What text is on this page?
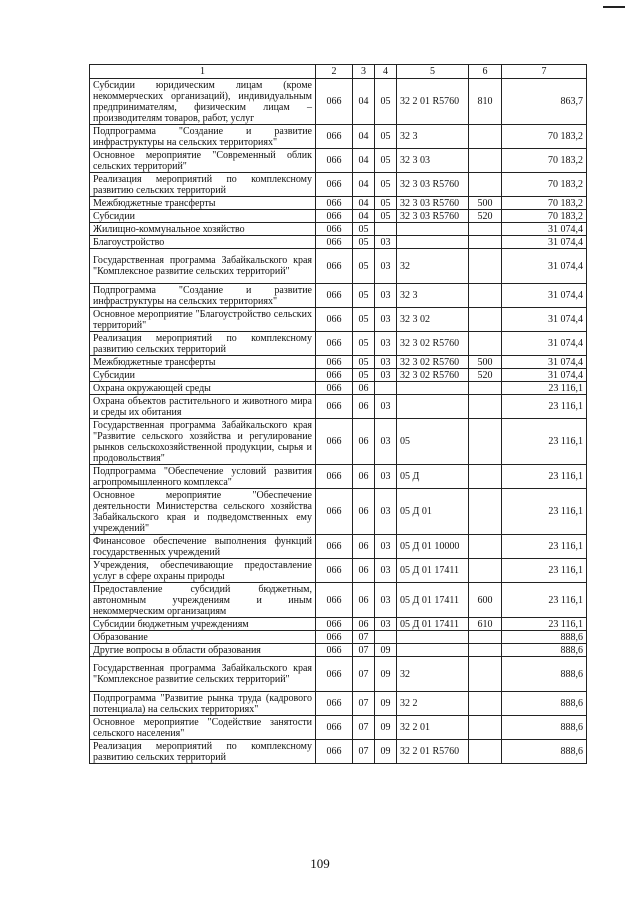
1	2	3	4	5	6	7
Субсидии юридическим лицам (кроме некоммерческих организаций), индивидуальным предпринимателям, физическим лицам – производителям товаров, работ, услуг	066	04	05	32 2 01 R5760	810	863,7
Подпрограмма "Создание и развитие инфраструктуры на сельских территориях"	066	04	05	32 3		70 183,2
Основное мероприятие "Современный облик сельских территорий"	066	04	05	32 3 03		70 183,2
Реализация мероприятий по комплексному развитию сельских территорий	066	04	05	32 3 03 R5760		70 183,2
Межбюджетные трансферты	066	04	05	32 3 03 R5760	500	70 183,2
Субсидии	066	04	05	32 3 03 R5760	520	70 183,2
Жилищно-коммунальное хозяйство	066	05				31 074,4
Благоустройство	066	05	03			31 074,4
Государственная программа Забайкальского края "Комплексное развитие сельских территорий"	066	05	03	32		31 074,4
Подпрограмма "Создание и развитие инфраструктуры на сельских территориях"	066	05	03	32 3		31 074,4
Основное мероприятие "Благоустройство сельских территорий"	066	05	03	32 3 02		31 074,4
Реализация мероприятий по комплексному развитию сельских территорий	066	05	03	32 3 02 R5760		31 074,4
Межбюджетные трансферты	066	05	03	32 3 02 R5760	500	31 074,4
Субсидии	066	05	03	32 3 02 R5760	520	31 074,4
Охрана окружающей среды	066	06				23 116,1
Охрана объектов растительного и животного мира и среды их обитания	066	06	03			23 116,1
Государственная программа Забайкальского края "Развитие сельского хозяйства и регулирование рынков сельскохозяйственной продукции, сырья и продовольствия"	066	06	03	05		23 116,1
Подпрограмма "Обеспечение условий развития агропромышленного комплекса"	066	06	03	05 Д		23 116,1
Основное мероприятие "Обеспечение деятельности Министерства сельского хозяйства Забайкальского края и подведомственных ему учреждений"	066	06	03	05 Д 01		23 116,1
Финансовое обеспечение выполнения функций государственных учреждений	066	06	03	05 Д 01 10000		23 116,1
Учреждения, обеспечивающие предоставление услуг в сфере охраны природы	066	06	03	05 Д 01 17411		23 116,1
Предоставление субсидий бюджетным, автономным учреждениям и иным некоммерческим организациям	066	06	03	05 Д 01 17411	600	23 116,1
Субсидии бюджетным учреждениям	066	06	03	05 Д 01 17411	610	23 116,1
Образование	066	07				888,6
Другие вопросы в области образования	066	07	09			888,6
Государственная программа Забайкальского края "Комплексное развитие сельских территорий"	066	07	09	32		888,6
Подпрограмма "Развитие рынка труда (кадрового потенциала) на сельских территориях"	066	07	09	32 2		888,6
Основное мероприятие "Содействие занятости сельского населения"	066	07	09	32 2 01		888,6
Реализация мероприятий по комплексному развитию сельских территорий	066	07	09	32 2 01 R5760		888,6
109
